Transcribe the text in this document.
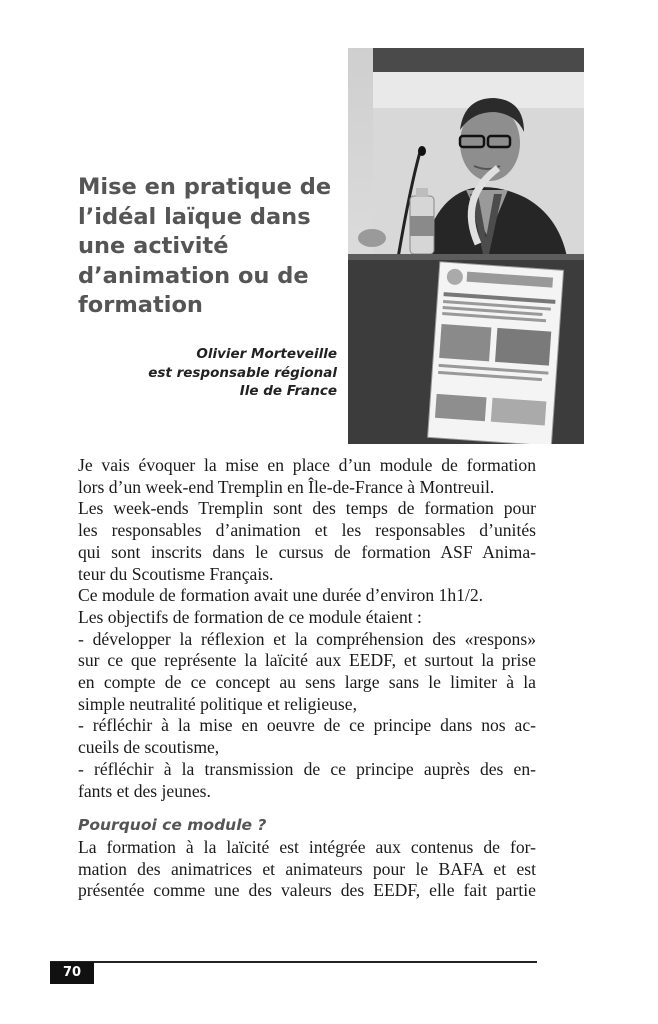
JOURNÉE DE LA MÉMOIRE DU SCOUTISME LAÏQUE 2019
Mise en pratique de l’idéal laïque dans une activité d’animation ou de formation
Olivier Morteveille
est responsable régional
Ile de France
Je vais évoquer la mise en place d’un module de formation
lors d’un week-end Tremplin en Île-de-France à Montreuil.
Les week-ends Tremplin sont des temps de formation pour
les responsables d’animation et les responsables d’unités
qui sont inscrits dans le cursus de formation ASF Anima-
teur du Scoutisme Français.
Ce module de formation avait une durée d’environ 1h1/2.
Les objectifs de formation de ce module étaient :
- développer la réflexion et la compréhension des «respons»
sur ce que représente la laïcité aux EEDF, et surtout la prise
en compte de ce concept au sens large sans le limiter à la
simple neutralité politique et religieuse,
- réfléchir à la mise en oeuvre de ce principe dans nos ac-
cueils de scoutisme,
- réfléchir à la transmission de ce principe auprès des en-
fants et des jeunes.
Pourquoi ce module ?
La formation à la laïcité est intégrée aux contenus de for-
mation des animatrices et animateurs pour le BAFA et est
présentée comme une des valeurs des EEDF, elle fait partie
70
